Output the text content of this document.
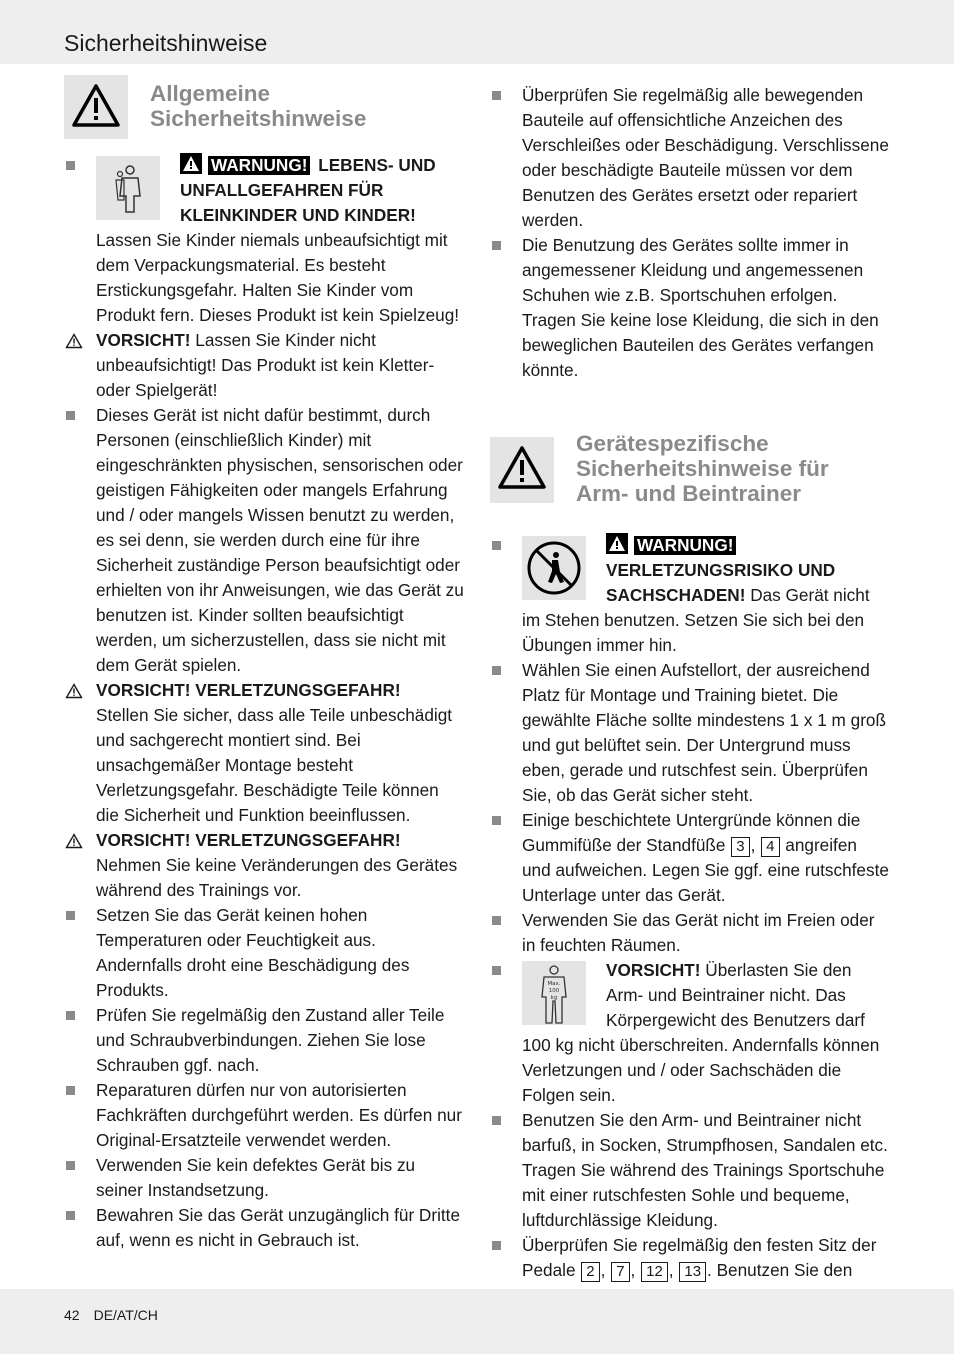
Sicherheitshinweise
Allgemeine Sicherheitshinweise
WARNUNG! LEBENS- UND UNFALLGEFAHREN FÜR KLEINKINDER UND KINDER!
Lassen Sie Kinder niemals unbeaufsichtigt mit dem Verpackungsmaterial. Es besteht Erstickungsgefahr. Halten Sie Kinder vom Produkt fern. Dieses Produkt ist kein Spielzeug!
VORSICHT! Lassen Sie Kinder nicht unbeaufsichtigt! Das Produkt ist kein Kletter- oder Spielgerät!
Dieses Gerät ist nicht dafür bestimmt, durch Personen (einschließlich Kinder) mit eingeschränkten physischen, sensorischen oder geistigen Fähigkeiten oder mangels Erfahrung und / oder mangels Wissen benutzt zu werden, es sei denn, sie werden durch eine für ihre Sicherheit zuständige Person beaufsichtigt oder erhielten von ihr Anweisungen, wie das Gerät zu benutzen ist. Kinder sollten beaufsichtigt werden, um sicherzustellen, dass sie nicht mit dem Gerät spielen.
VORSICHT! VERLETZUNGSGEFAHR!
Stellen Sie sicher, dass alle Teile unbeschädigt und sachgerecht montiert sind. Bei unsachgemäßer Montage besteht Verletzungsgefahr. Beschädigte Teile können die Sicherheit und Funktion beeinflussen.
VORSICHT! VERLETZUNGSGEFAHR!
Nehmen Sie keine Veränderungen des Gerätes während des Trainings vor.
Setzen Sie das Gerät keinen hohen Temperaturen oder Feuchtigkeit aus. Andernfalls droht eine Beschädigung des Produkts.
Prüfen Sie regelmäßig den Zustand aller Teile und Schraubverbindungen. Ziehen Sie lose Schrauben ggf. nach.
Reparaturen dürfen nur von autorisierten Fachkräften durchgeführt werden. Es dürfen nur Original-Ersatzteile verwendet werden.
Verwenden Sie kein defektes Gerät bis zu seiner Instandsetzung.
Bewahren Sie das Gerät unzugänglich für Dritte auf, wenn es nicht in Gebrauch ist.
Überprüfen Sie regelmäßig alle bewegenden Bauteile auf offensichtliche Anzeichen des Verschleißes oder Beschädigung. Verschlissene oder beschädigte Bauteile müssen vor dem Benutzen des Gerätes ersetzt oder repariert werden.
Die Benutzung des Gerätes sollte immer in angemessener Kleidung und angemessenen Schuhen wie z.B. Sportschuhen erfolgen. Tragen Sie keine lose Kleidung, die sich in den beweglichen Bauteilen des Gerätes verfangen könnte.
Gerätespezifische Sicherheitshinweise für Arm- und Beintrainer
WARNUNG! VERLETZUNGSRISIKO UND SACHSCHADEN! Das Gerät nicht im Stehen benutzen. Setzen Sie sich bei den Übungen immer hin.
Wählen Sie einen Aufstellort, der ausreichend Platz für Montage und Training bietet. Die gewählte Fläche sollte mindestens 1 x 1 m groß und gut belüftet sein. Der Untergrund muss eben, gerade und rutschfest sein. Überprüfen Sie, ob das Gerät sicher steht.
Einige beschichtete Untergründe können die Gummifüße der Standfüße 3 , 4 angreifen und aufweichen. Legen Sie ggf. eine rutschfeste Unterlage unter das Gerät.
Verwenden Sie das Gerät nicht im Freien oder in feuchten Räumen.
Max.
100
kg
VORSICHT! Überlasten Sie den Arm- und Beintrainer nicht. Das Körpergewicht des Benutzers darf 100 kg nicht überschreiten. Andernfalls können Verletzungen und / oder Sachschäden die Folgen sein.
Benutzen Sie den Arm- und Beintrainer nicht barfuß, in Socken, Strumpfhosen, Sandalen etc. Tragen Sie während des Trainings Sportschuhe mit einer rutschfesten Sohle und bequeme, luftdurchlässige Kleidung.
Überprüfen Sie regelmäßig den festen Sitz der Pedale 2 , 7 , 12 , 13 . Benutzen Sie den
42 DE/AT/CH
